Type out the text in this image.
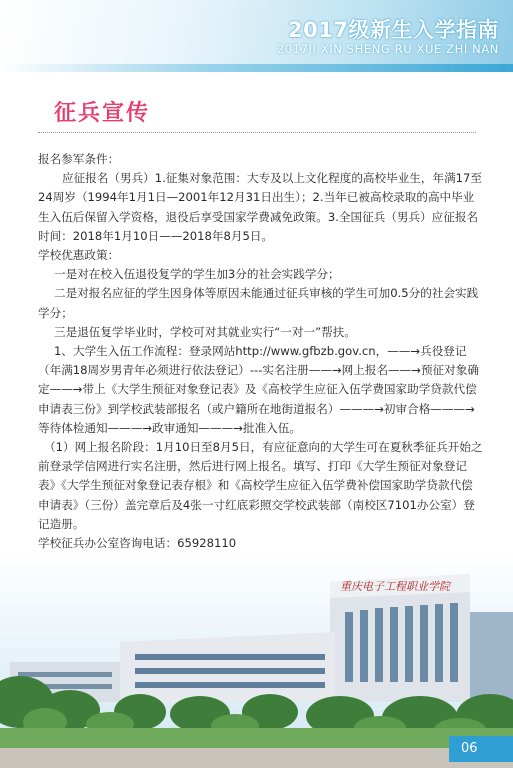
2017级新生入学指南
2017JI XIN SHENG RU XUE ZHI NAN
征兵宣传

报名参军条件：

应征报名（男兵）1.征集对象范围：大专及以上文化程度的高校毕业生，年满17至24周岁（1994年1月1日—2001年12月31日出生）；2.当年已被高校录取的高中毕业生入伍后保留入学资格，退役后享受国家学费减免政策。3.全国征兵（男兵）应征报名时间：2018年1月10日——2018年8月5日。

学校优惠政策：

一是对在校入伍退役复学的学生加3分的社会实践学分；

二是对报名应征的学生因身体等原因未能通过征兵审核的学生可加0.5分的社会实践学分；

三是退伍复学毕业时，学校可对其就业实行“一对一”帮扶。

1、大学生入伍工作流程：登录网站http://www.gfbzb.gov.cn，——→兵役登记（年满18周岁男青年必须进行依法登记）---实名注册——→网上报名——→预征对象确定——→带上《大学生预征对象登记表》及《高校学生应征入伍学费国家助学贷款代偿申请表三份》到学校武装部报名（或户籍所在地街道报名）———→初审合格———→等待体检通知———→政审通知———→批准入伍。

（1）网上报名阶段：1月10日至8月5日，有应征意向的大学生可在夏秋季征兵开始之前登录学信网进行实名注册，然后进行网上报名。填写、打印《大学生预征对象登记表》《大学生预征对象登记表存根》和《高校学生应征入伍学费补偿国家助学贷款代偿申请表》（三份）盖完章后及4张一寸红底彩照交学校武装部（南校区7101办公室）登记造册。

学校征兵办公室咨询电话：65928110

重庆电子工程职业学院
06
